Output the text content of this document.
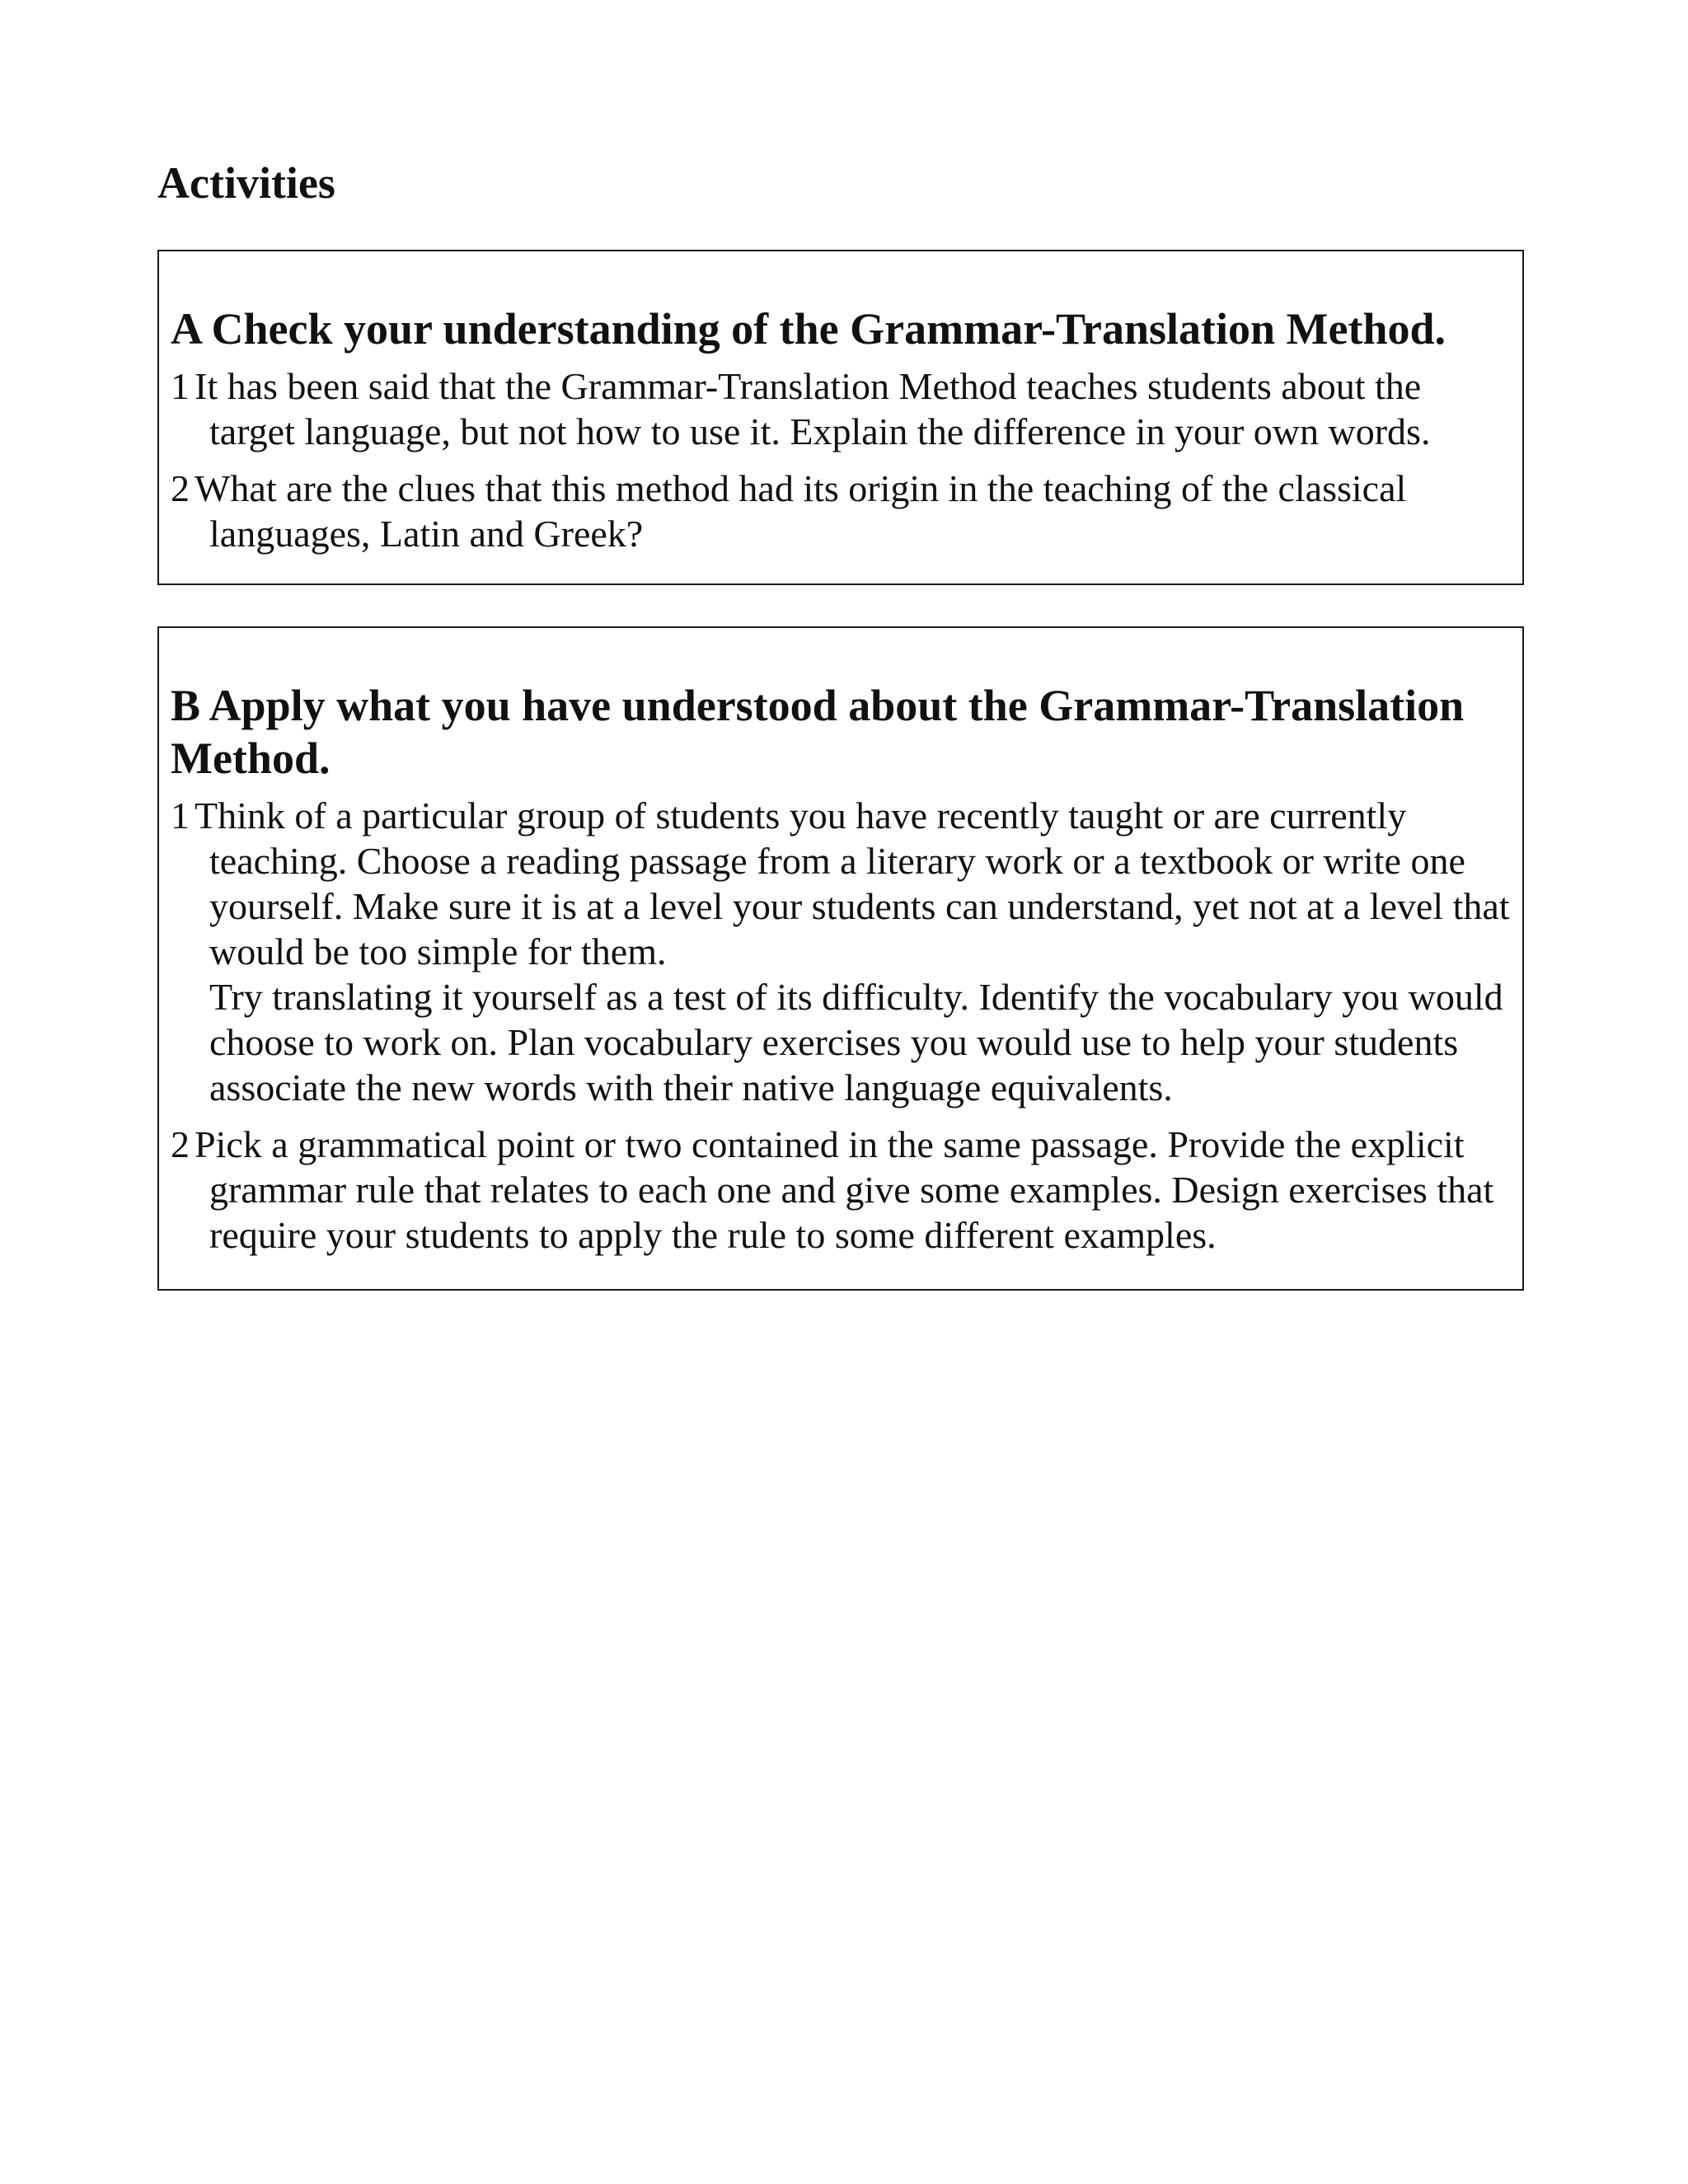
Activities
A Check your understanding of the Grammar-Translation Method.

1 It has been said that the Grammar-Translation Method teaches students about the target language, but not how to use it. Explain the difference in your own words.

2 What are the clues that this method had its origin in the teaching of the classical languages, Latin and Greek?

B Apply what you have understood about the Grammar-Translation Method.

1 Think of a particular group of students you have recently taught or are currently teaching. Choose a reading passage from a literary work or a textbook or write one yourself. Make sure it is at a level your students can understand, yet not at a level that would be too simple for them.
Try translating it yourself as a test of its difficulty. Identify the vocabulary you would choose to work on. Plan vocabulary exercises you would use to help your students associate the new words with their native language equivalents.

2 Pick a grammatical point or two contained in the same passage. Provide the explicit grammar rule that relates to each one and give some examples. Design exercises that require your students to apply the rule to some different examples.
